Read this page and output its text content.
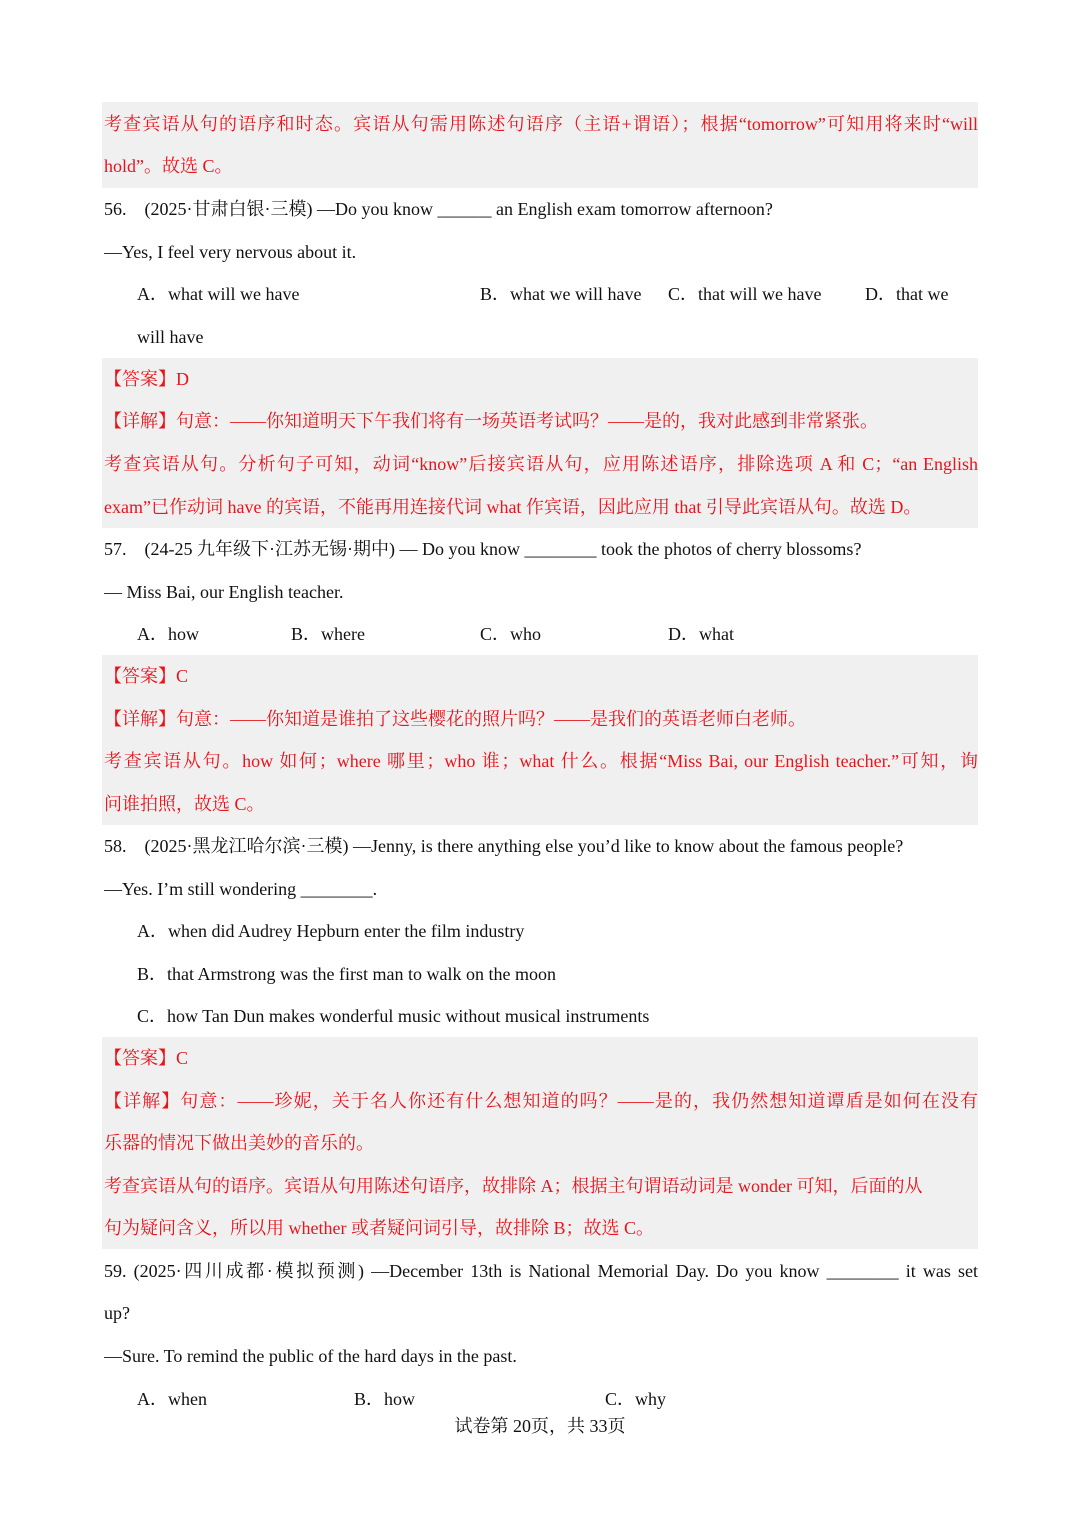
考查宾语从句的语序和时态。宾语从句需用陈述句语序（主语+谓语）；根据“tomorrow”可知用将来时“will
hold”。故选 C。
56.　(2025·甘肃白银·三模) —Do you know ______ an English exam tomorrow afternoon?
—Yes, I feel very nervous about it.
A．what will we have	B．what we will have C．that will we have D．that we
will have
【答案】D
【详解】句意：——你知道明天下午我们将有一场英语考试吗？——是的，我对此感到非常紧张。
考查宾语从句。分析句子可知，动词“know”后接宾语从句，应用陈述语序，排除选项 A 和 C；“an English
exam”已作动词 have 的宾语，不能再用连接代词 what 作宾语，因此应用 that 引导此宾语从句。故选 D。
57.　(24-25 九年级下·江苏无锡·期中) — Do you know ________ took the photos of cherry blossoms?
— Miss Bai, our English teacher.
A．how	B．where	C．who	D．what
【答案】C
【详解】句意：——你知道是谁拍了这些樱花的照片吗？——是我们的英语老师白老师。
考查宾语从句。how 如何；where 哪里；who 谁；what 什么。根据“Miss Bai, our English teacher.”可知，询
问谁拍照，故选 C。
58.　(2025·黑龙江哈尔滨·三模) —Jenny, is there anything else you’d like to know about the famous people?
—Yes. I’m still wondering ________.
A．when did Audrey Hepburn enter the film industry
B．that Armstrong was the first man to walk on the moon
C．how Tan Dun makes wonderful music without musical instruments
【答案】C
【详解】句意：——珍妮，关于名人你还有什么想知道的吗？——是的，我仍然想知道谭盾是如何在没有
乐器的情况下做出美妙的音乐的。
考查宾语从句的语序。宾语从句用陈述句语序，故排除 A；根据主句谓语动词是 wonder 可知，后面的从
句为疑问含义，所以用 whether 或者疑问词引导，故排除 B；故选 C。
59. (2025·四川成都·模拟预测) —December 13th is National Memorial Day. Do you know ________ it was set
up?
—Sure. To remind the public of the hard days in the past.
A．when	B．how	C．why
试卷第 20页，共 33页
